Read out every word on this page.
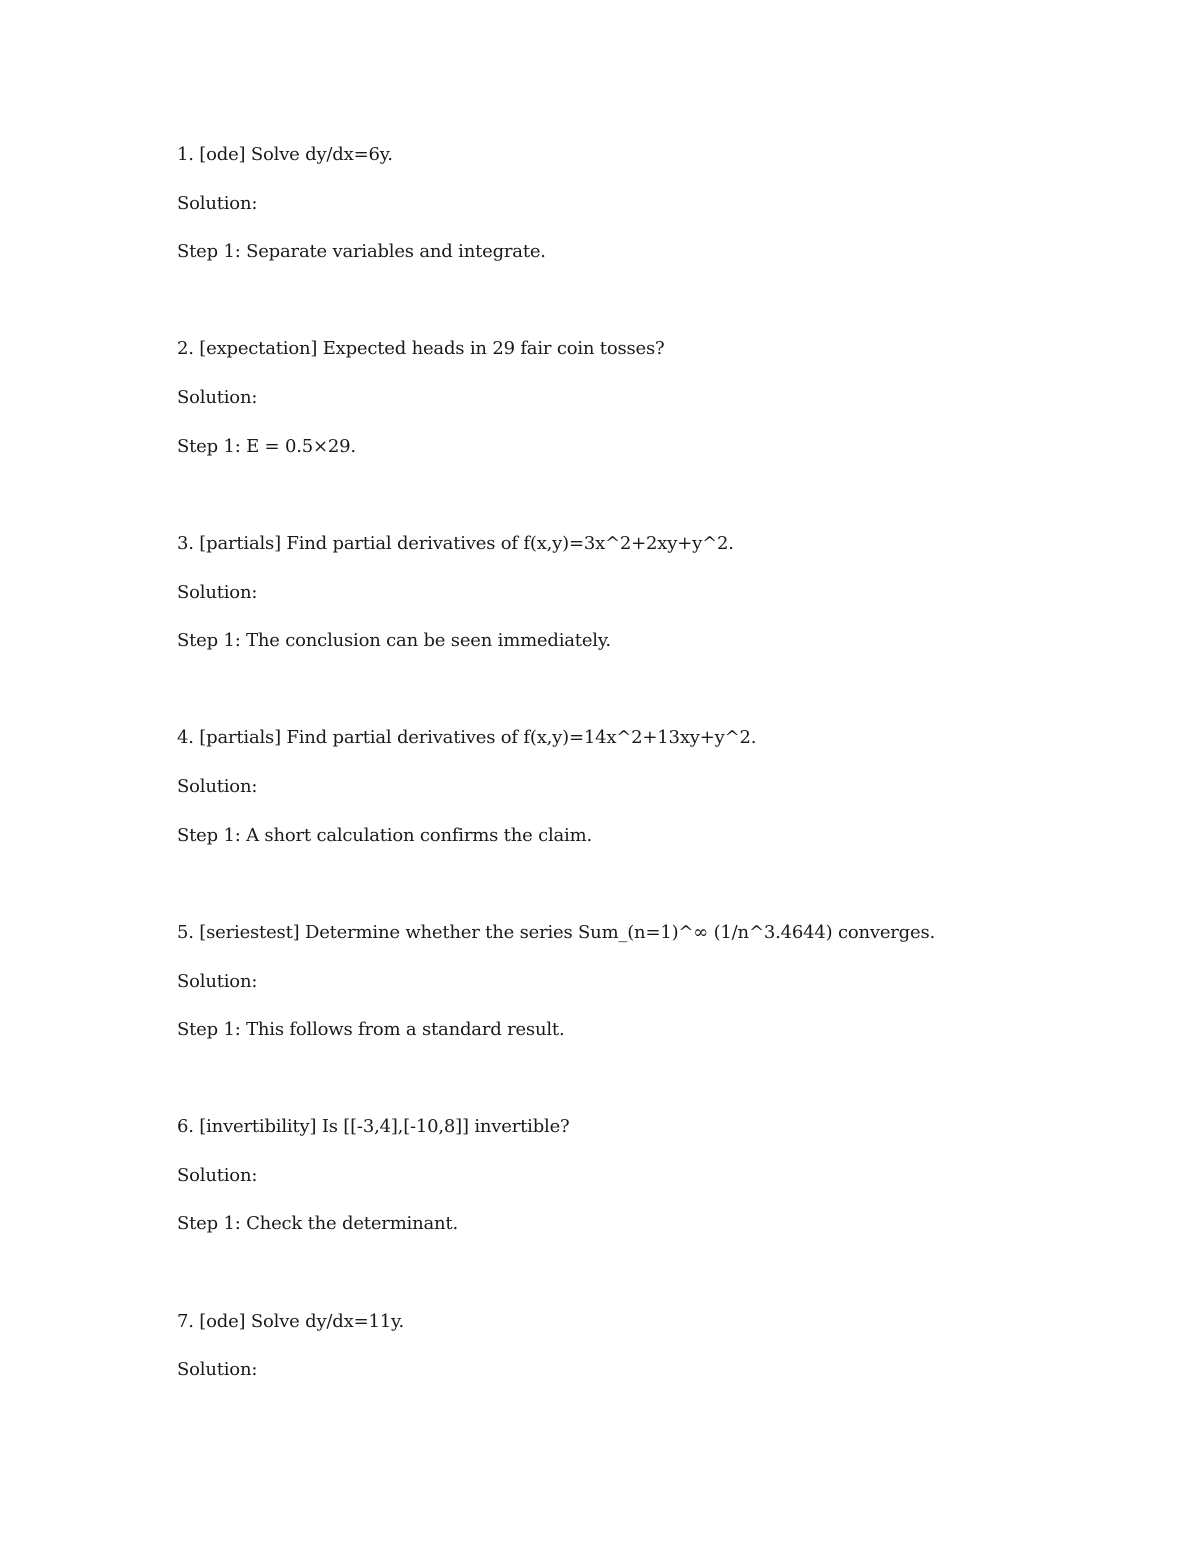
1. [ode] Solve dy/dx=6y.

Solution:

Step 1: Separate variables and integrate.

2. [expectation] Expected heads in 29 fair coin tosses?

Solution:

Step 1: E = 0.5×29.

3. [partials] Find partial derivatives of f(x,y)=3x^2+2xy+y^2.

Solution:

Step 1: The conclusion can be seen immediately.

4. [partials] Find partial derivatives of f(x,y)=14x^2+13xy+y^2.

Solution:

Step 1: A short calculation confirms the claim.

5. [seriestest] Determine whether the series Sum_(n=1)^∞ (1/n^3.4644) converges.

Solution:

Step 1: This follows from a standard result.

6. [invertibility] Is [[-3,4],[-10,8]] invertible?

Solution:

Step 1: Check the determinant.

7. [ode] Solve dy/dx=11y.

Solution:
